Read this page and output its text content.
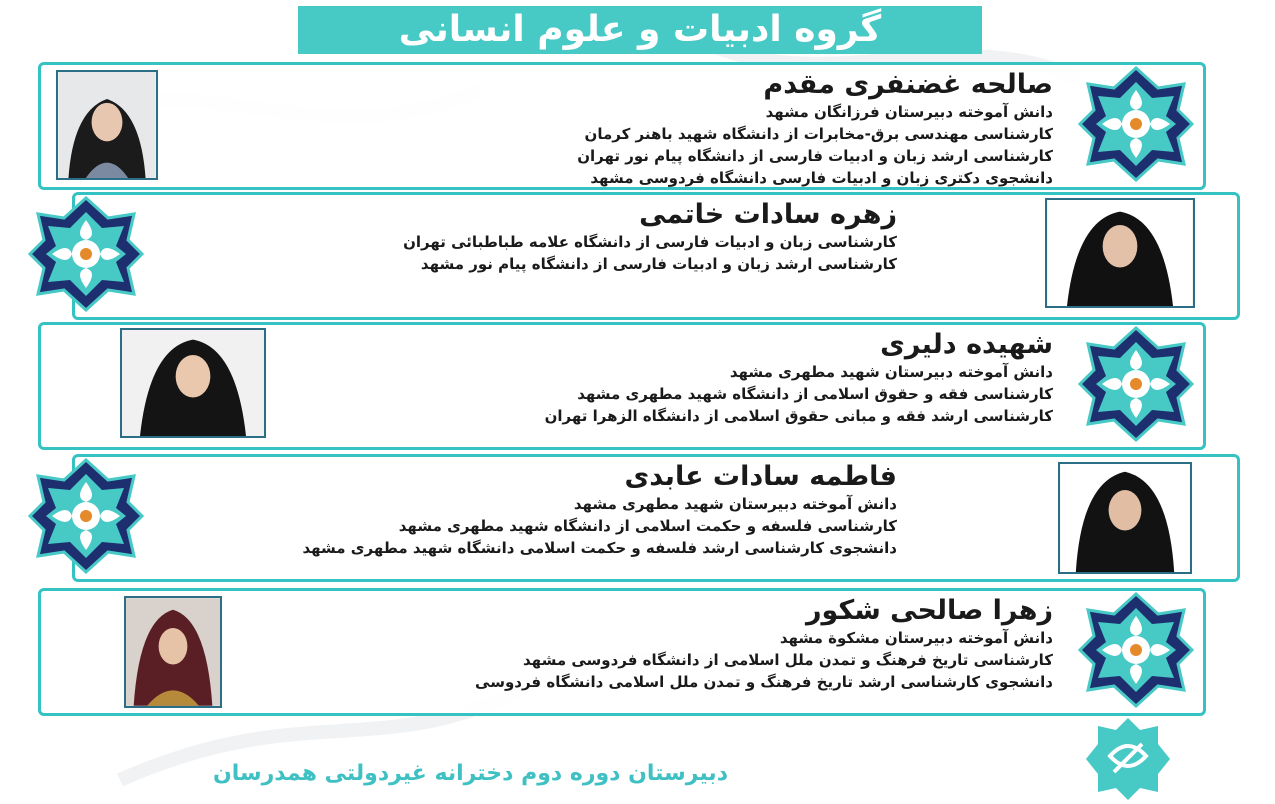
گروه ادبیات و علوم انسانی
صالحه غضنفری مقدم
دانش آموخته دبیرستان فرزانگان مشهد
کارشناسی مهندسی برق-مخابرات از دانشگاه شهید باهنر کرمان
کارشناسی ارشد زبان و ادبیات فارسی از دانشگاه پیام نور تهران
دانشجوی دکتری زبان و ادبیات فارسی دانشگاه فردوسی مشهد
زهره سادات خاتمی
کارشناسی زبان و ادبیات فارسی از دانشگاه علامه طباطبائی تهران
کارشناسی ارشد زبان و ادبیات فارسی از دانشگاه پیام نور مشهد
شهیده دلیری
دانش آموخته دبیرستان شهید مطهری مشهد
کارشناسی فقه و حقوق اسلامی از دانشگاه شهید مطهری مشهد
کارشناسی ارشد فقه و مبانی حقوق اسلامی از دانشگاه الزهرا تهران
فاطمه سادات عابدی
دانش آموخته دبیرستان شهید مطهری مشهد
کارشناسی فلسفه و حکمت اسلامی از دانشگاه شهید مطهری مشهد
دانشجوی کارشناسی ارشد فلسفه و حکمت اسلامی دانشگاه شهید مطهری مشهد
زهرا صالحی شکور
دانش آموخته دبیرستان مشکوة مشهد
کارشناسی تاریخ فرهنگ و تمدن ملل اسلامی از دانشگاه فردوسی مشهد
دانشجوی کارشناسی ارشد تاریخ فرهنگ و تمدن ملل اسلامی دانشگاه فردوسی
دبیرستان دوره دوم دخترانه غیردولتی همدرسان
